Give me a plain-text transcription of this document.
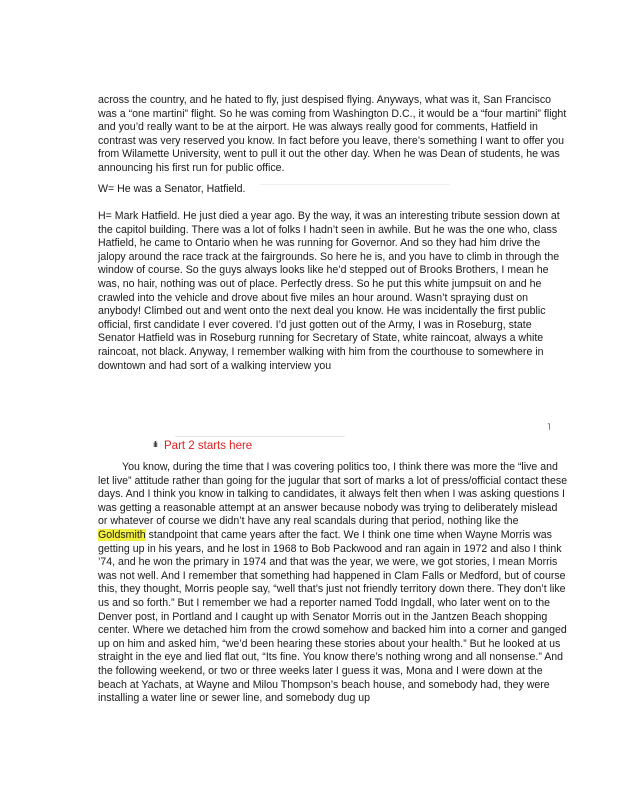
across the country, and he hated to fly, just despised flying. Anyways, what was it, San Francisco was a “one martini” flight. So he was coming from Washington D.C., it would be a “four martini” flight and you’d really want to be at the airport. He was always really good for comments, Hatfield in contrast was very reserved you know. In fact before you leave, there’s something I want to offer you from Wilamette University, went to pull it out the other day. When he was Dean of students, he was announcing his first run for public office.

W= He was a Senator, Hatfield.

H= Mark Hatfield. He just died a year ago. By the way, it was an interesting tribute session down at the capitol building. There was a lot of folks I hadn’t seen in awhile. But he was the one who, class Hatfield, he came to Ontario when he was running for Governor. And so they had him drive the jalopy around the race track at the fairgrounds. So here he is, and you have to climb in through the window of course. So the guys always looks like he’d stepped out of Brooks Brothers, I mean he was, no hair, nothing was out of place. Perfectly dress. So he put this white jumpsuit on and he crawled into the vehicle and drove about five miles an hour around. Wasn’t spraying dust on anybody! Climbed out and went onto the next deal you know. He was incidentally the first public official, first candidate I ever covered. I’d just gotten out of the Army, I was in Roseburg, state Senator Hatfield was in Roseburg running for Secretary of State, white raincoat, always a white raincoat, not black. Anyway, I remember walking with him from the courthouse to somewhere in downtown and had sort of a walking interview you

˥
ıllı Part 2 starts here

You know, during the time that I was covering politics too, I think there was more the “live and let live” attitude rather than going for the jugular that sort of marks a lot of press/official contact these days. And I think you know in talking to candidates, it always felt then when I was asking questions I was getting a reasonable attempt at an answer because nobody was trying to deliberately mislead or whatever of course we didn’t have any real scandals during that period, nothing like the Goldsmith standpoint that came years after the fact. We I think one time when Wayne Morris was getting up in his years, and he lost in 1968 to Bob Packwood and ran again in 1972 and also I think ’74, and he won the primary in 1974 and that was the year, we were, we got stories, I mean Morris was not well. And I remember that something had happened in Clam Falls or Medford, but of course this, they thought, Morris people say, “well that’s just not friendly territory down there. They don’t like us and so forth.” But I remember we had a reporter named Todd Ingdall, who later went on to the Denver post, in Portland and I caught up with Senator Morris out in the Jantzen Beach shopping center. Where we detached him from the crowd somehow and backed him into a corner and ganged up on him and asked him, “we’d been hearing these stories about your health.” But he looked at us straight in the eye and lied flat out, “Its fine. You know there’s nothing wrong and all nonsense.” And the following weekend, or two or three weeks later I guess it was, Mona and I were down at the beach at Yachats, at Wayne and Milou Thompson’s beach house, and somebody had, they were installing a water line or sewer line, and somebody dug up
